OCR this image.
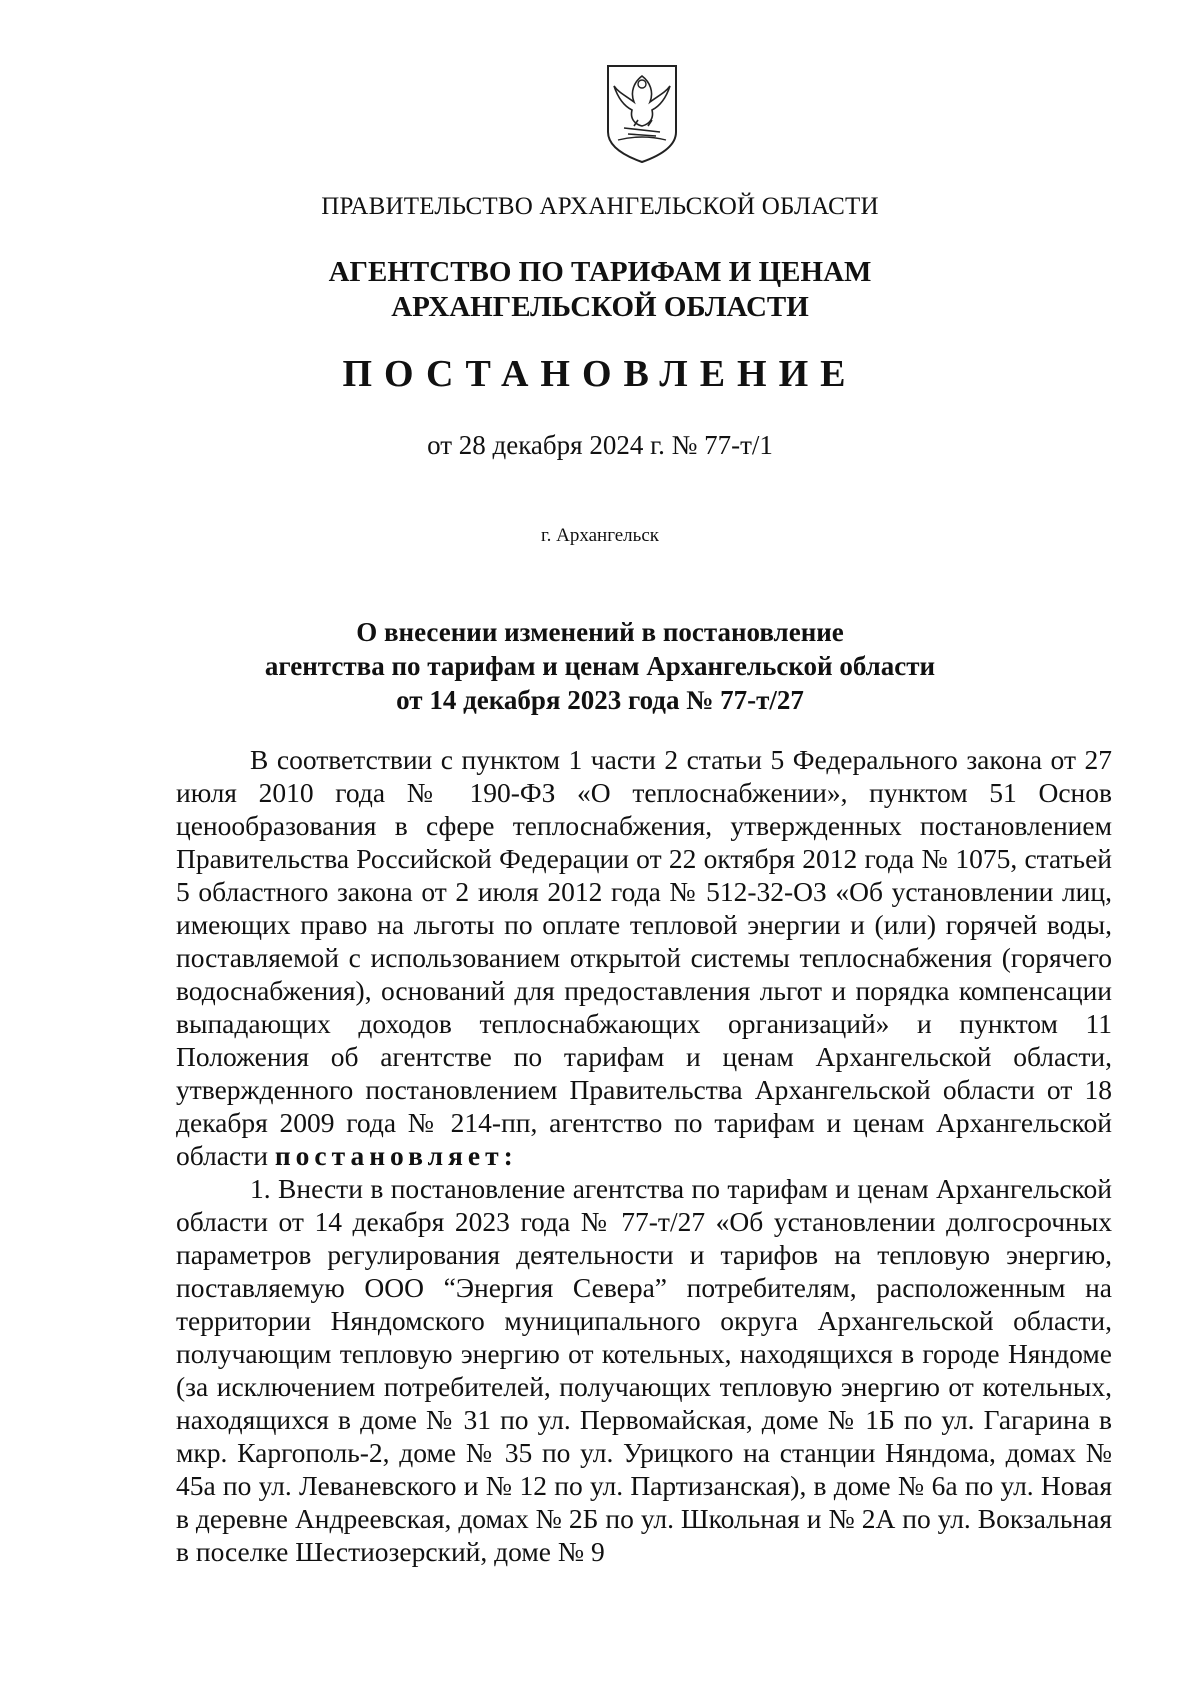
ПРАВИТЕЛЬСТВО АРХАНГЕЛЬСКОЙ ОБЛАСТИ
АГЕНТСТВО ПО ТАРИФАМ И ЦЕНАМ
АРХАНГЕЛЬСКОЙ ОБЛАСТИ
ПОСТАНОВЛЕНИЕ
от 28 декабря 2024 г. № 77-т/1
г. Архангельск
О внесении изменений в постановление
агентства по тарифам и ценам Архангельской области
от 14 декабря 2023 года № 77-т/27

В соответствии с пунктом 1 части 2 статьи 5 Федерального закона от 27 июля 2010 года № 190-ФЗ «О теплоснабжении», пунктом 51 Основ ценообразования в сфере теплоснабжения, утвержденных постановлением Правительства Российской Федерации от 22 октября 2012 года № 1075, статьей 5 областного закона от 2 июля 2012 года № 512-32-ОЗ «Об установлении лиц, имеющих право на льготы по оплате тепловой энергии и (или) горячей воды, поставляемой с использованием открытой системы теплоснабжения (горячего водоснабжения), оснований для предоставления льгот и порядка компенсации выпадающих доходов теплоснабжающих организаций» и пунктом 11 Положения об агентстве по тарифам и ценам Архангельской области, утвержденного постановлением Правительства Архангельской области от 18 декабря 2009 года № 214-пп, агентство по тарифам и ценам Архангельской области постановляет:

1. Внести в постановление агентства по тарифам и ценам Архангельской области от 14 декабря 2023 года № 77-т/27 «Об установлении долгосрочных параметров регулирования деятельности и тарифов на тепловую энергию, поставляемую ООО “Энергия Севера” потребителям, расположенным на территории Няндомского муниципального округа Архангельской области, получающим тепловую энергию от котельных, находящихся в городе Няндоме (за исключением потребителей, получающих тепловую энергию от котельных, находящихся в доме № 31 по ул. Первомайская, доме № 1Б по ул. Гагарина в мкр. Каргополь-2, доме № 35 по ул. Урицкого на станции Няндома, домах № 45а по ул. Леваневского и № 12 по ул. Партизанская), в доме № 6а по ул. Новая в деревне Андреевская, домах № 2Б по ул. Школьная и № 2А по ул. Вокзальная в поселке Шестиозерский, доме № 9
